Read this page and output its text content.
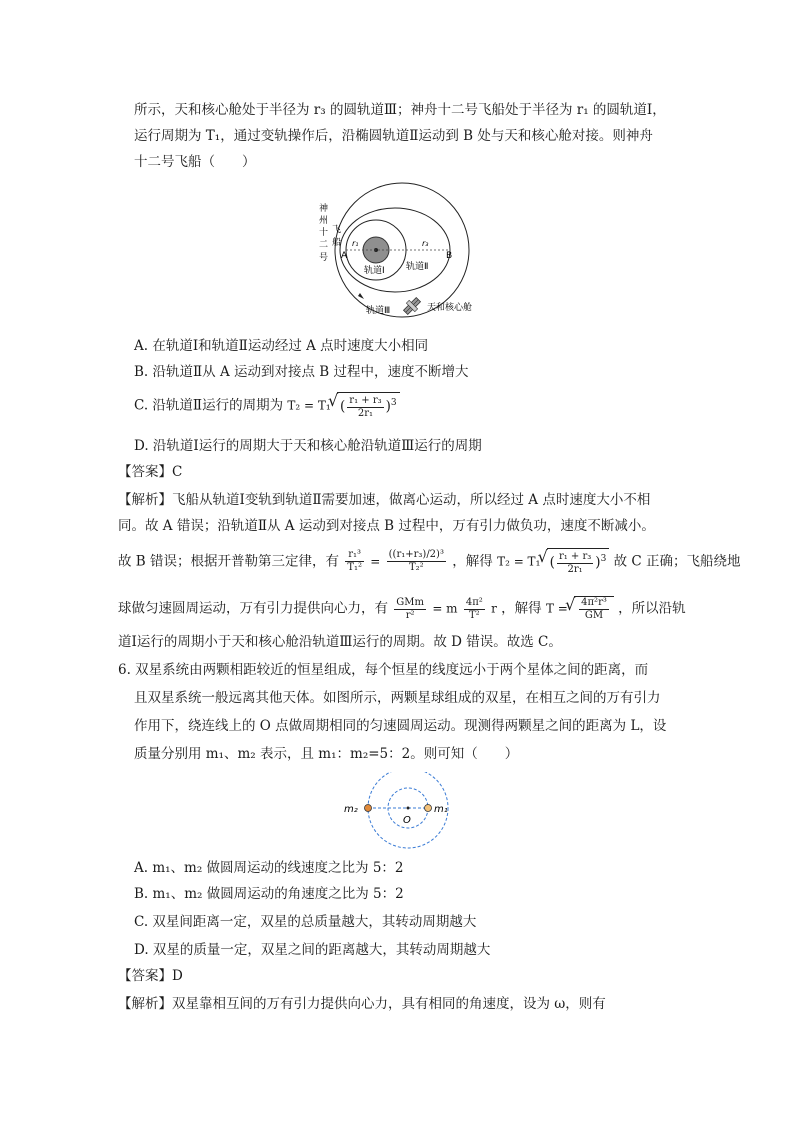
所示，天和核心舱处于半径为 r₃ 的圆轨道Ⅲ；神舟十二号飞船处于半径为 r₁ 的圆轨道Ⅰ，
运行周期为 T₁，通过变轨操作后，沿椭圆轨道Ⅱ运动到 B 处与天和核心舱对接。则神舟
十二号飞船（　　）
神
州
十
二
号
飞
船 r₁	r₃
A	B
轨道Ⅰ 轨道Ⅱ
轨道Ⅲ	天和核心舱
A. 在轨道Ⅰ和轨道Ⅱ运动经过 A 点时速度大小相同
B. 沿轨道Ⅱ从 A 运动到对接点 B 过程中，速度不断增大
C. 沿轨道Ⅱ运行的周期为 T₂ = T₁ √ ( $\frac{\text{r₁ + r₃}}{\text{2r₁}} )^3$
D. 沿轨道Ⅰ运行的周期大于天和核心舱沿轨道Ⅲ运行的周期
【答案】C
【解析】飞船从轨道Ⅰ变轨到轨道Ⅱ需要加速，做离心运动，所以经过 A 点时速度大小不相
同。故 A 错误；沿轨道Ⅱ从 A 运动到对接点 B 过程中，万有引力做负功，速度不断减小。
故 B 错误；根据开普勒第三定律，有 $\frac{\text{r₁³}}{\text{T₁²}} = \frac{\text{((r₁+r₃)/2)³}}{\text{T₂²}}$ ，解得 T₂ = T₁ √ ( $\frac{\text{r₁ + r₃}}{\text{2r₁}} )^3$ 故 C 正确；飞船绕地
球做匀速圆周运动，万有引力提供向心力，有 $\frac{\text{GMm}}{\text{r²}} = m \frac{\text{4π²}}{\text{T²}}$ r ，解得 T = √ $\frac{\text{4π²r³}}{GM}$ ，所以沿轨
道Ⅰ运行的周期小于天和核心舱沿轨道Ⅲ运行的周期。故 D 错误。故选 C。
6. 双星系统由两颗相距较近的恒星组成，每个恒星的线度远小于两个星体之间的距离，而
且双星系统一般远离其他天体。如图所示，两颗星球组成的双星，在相互之间的万有引力
作用下，绕连线上的 O 点做周期相同的匀速圆周运动。现测得两颗星之间的距离为 L，设
质量分别用 m₁、m₂ 表示，且 m₁：m₂=5：2。则可知（　　）
m₂	m₁
O
A. m₁、m₂ 做圆周运动的线速度之比为 5：2
B. m₁、m₂ 做圆周运动的角速度之比为 5：2
C. 双星间距离一定，双星的总质量越大，其转动周期越大
D. 双星的质量一定，双星之间的距离越大，其转动周期越大
【答案】D
【解析】双星靠相互间的万有引力提供向心力，具有相同的角速度，设为 ω，则有
